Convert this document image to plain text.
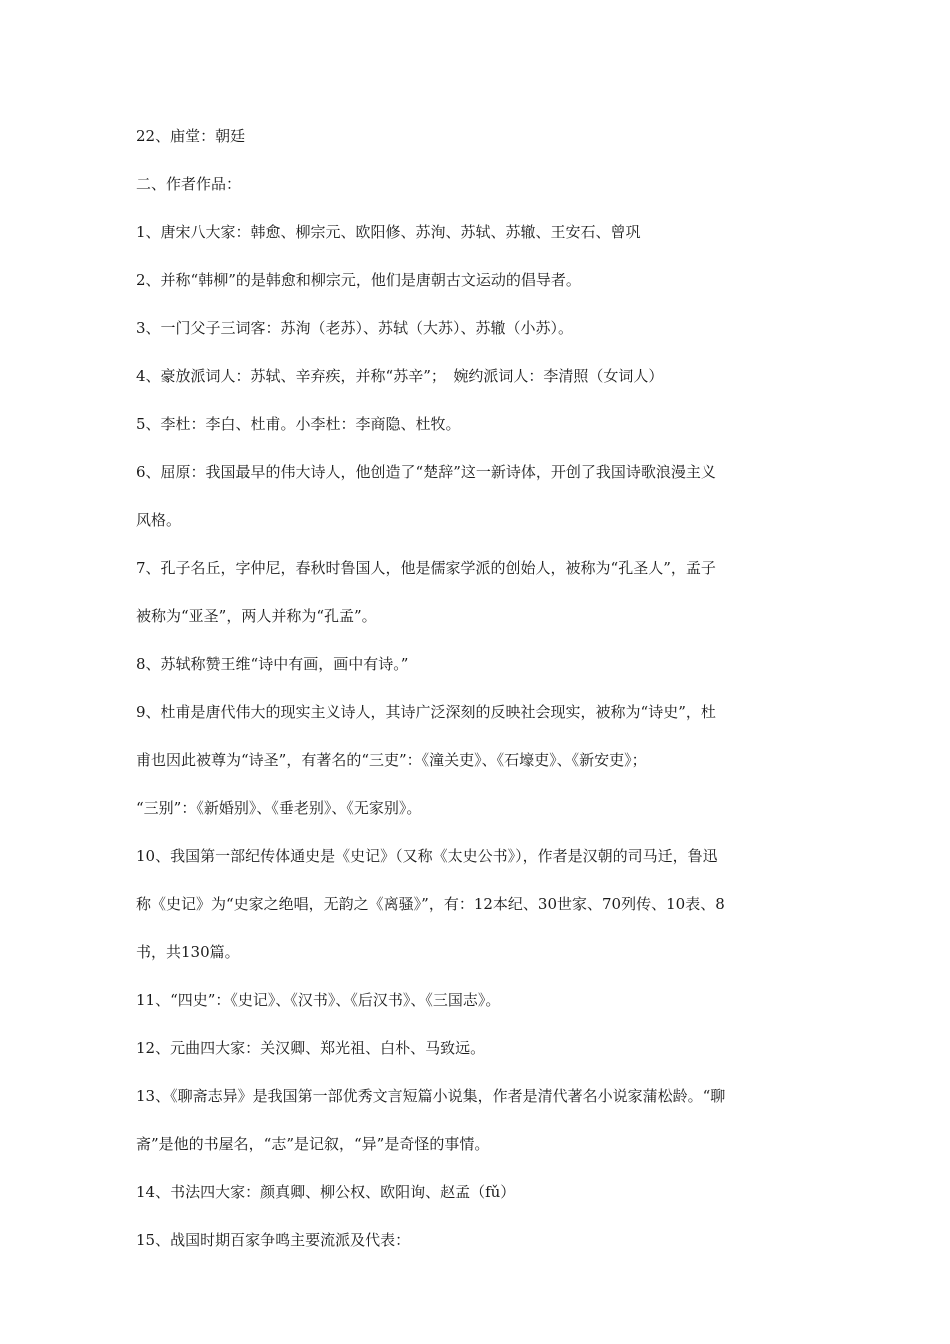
22、庙堂：朝廷

二、作者作品：

1、唐宋八大家：韩愈、柳宗元、欧阳修、苏洵、苏轼、苏辙、王安石、曾巩

2、并称“韩柳”的是韩愈和柳宗元，他们是唐朝古文运动的倡导者。

3、一门父子三词客：苏洵（老苏）、苏轼（大苏）、苏辙（小苏）。

4、豪放派词人：苏轼、辛弃疾，并称“苏辛”；　婉约派词人：李清照（女词人）

5、李杜：李白、杜甫。小李杜：李商隐、杜牧。

6、屈原：我国最早的伟大诗人，他创造了“楚辞”这一新诗体，开创了我国诗歌浪漫主义

风格。

7、孔子名丘，字仲尼，春秋时鲁国人，他是儒家学派的创始人，被称为“孔圣人”，孟子

被称为“亚圣”，两人并称为“孔孟”。

8、苏轼称赞王维“诗中有画，画中有诗。”

9、杜甫是唐代伟大的现实主义诗人，其诗广泛深刻的反映社会现实，被称为“诗史”，杜

甫也因此被尊为“诗圣”，有著名的“三吏”：《潼关吏》、《石壕吏》、《新安吏》；

“三别”：《新婚别》、《垂老别》、《无家别》。

10、我国第一部纪传体通史是《史记》（又称《太史公书》），作者是汉朝的司马迁，鲁迅

称《史记》为“史家之绝唱，无韵之《离骚》”，有：12本纪、30世家、70列传、10表、8

书，共130篇。

11、“四史”：《史记》、《汉书》、《后汉书》、《三国志》。

12、元曲四大家：关汉卿、郑光祖、白朴、马致远。

13、《聊斋志异》是我国第一部优秀文言短篇小说集，作者是清代著名小说家蒲松龄。“聊

斋”是他的书屋名，“志”是记叙，“异”是奇怪的事情。

14、书法四大家：颜真卿、柳公权、欧阳询、赵孟（fǔ）

15、战国时期百家争鸣主要流派及代表：
